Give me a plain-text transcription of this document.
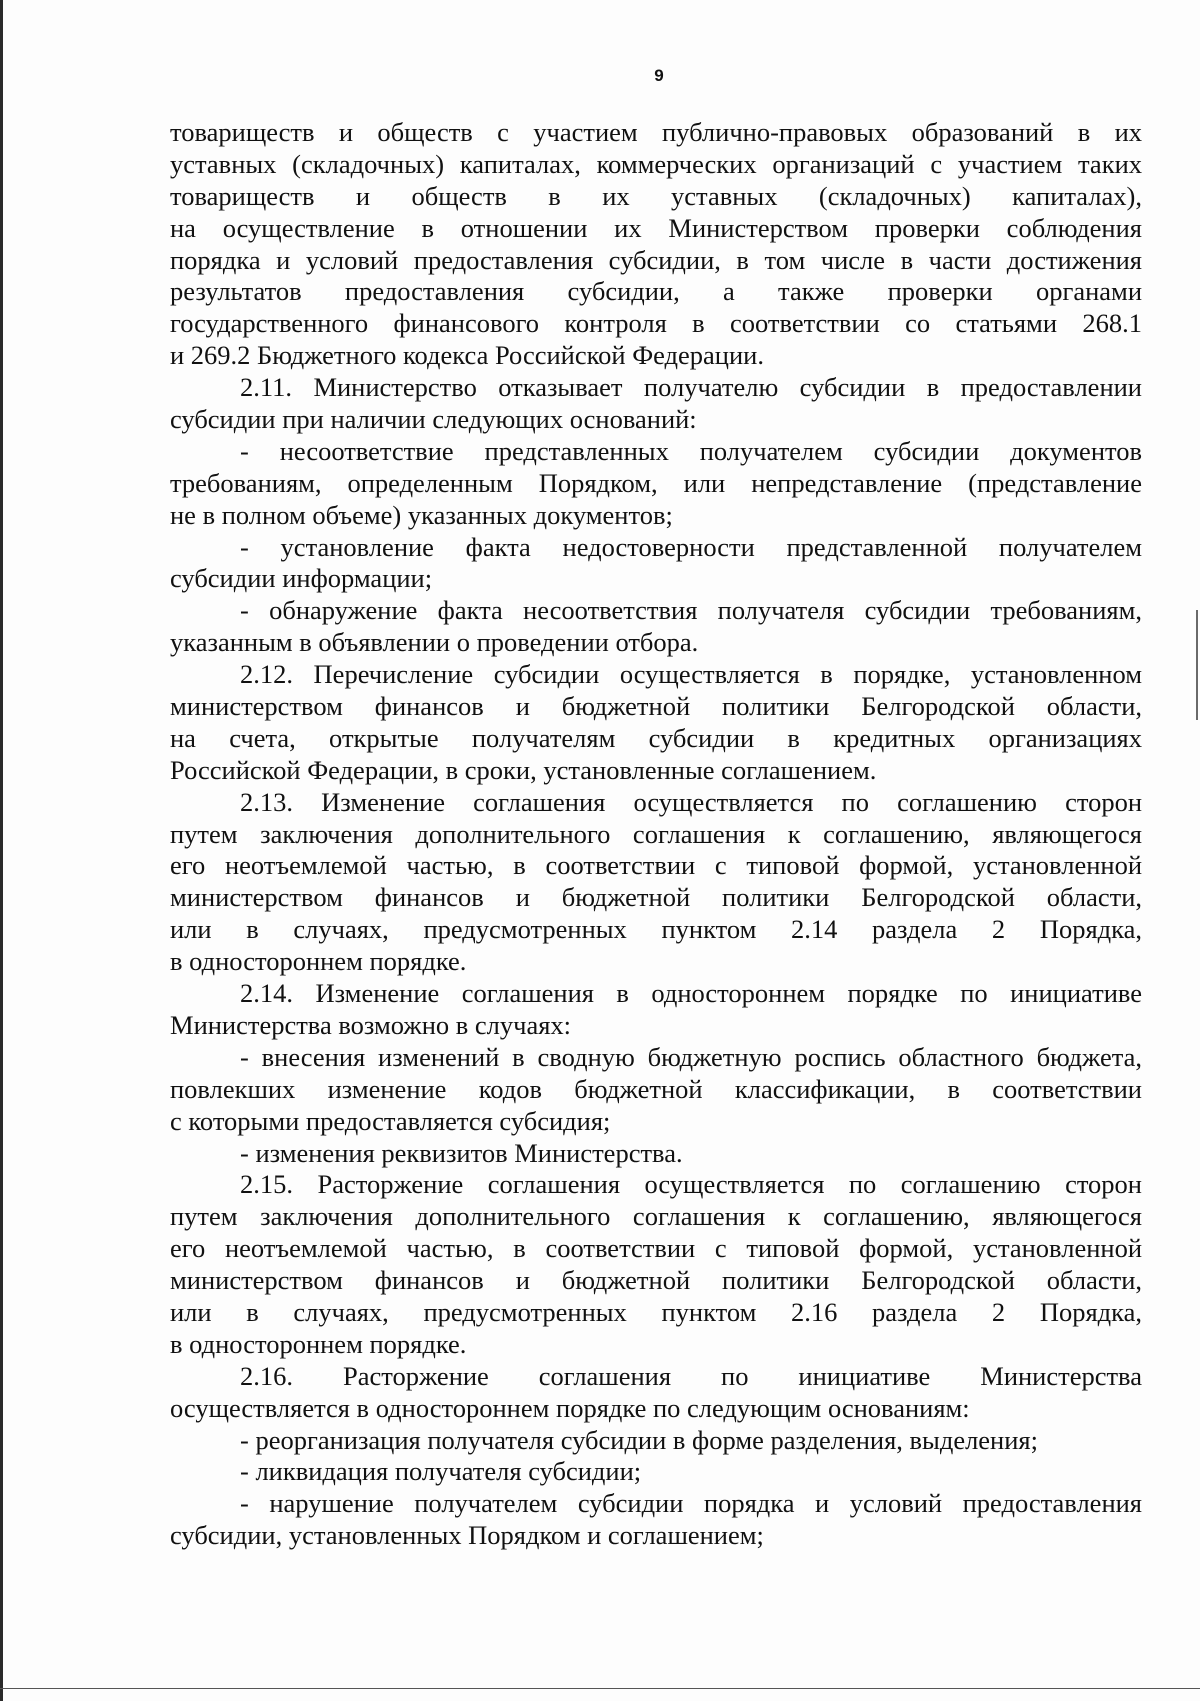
9
товариществ и обществ с участием публично-правовых образований в их
уставных (складочных) капиталах, коммерческих организаций с участием таких
товариществ и обществ в их уставных (складочных) капиталах),
на осуществление в отношении их Министерством проверки соблюдения
порядка и условий предоставления субсидии, в том числе в части достижения
результатов предоставления субсидии, а также проверки органами
государственного финансового контроля в соответствии со статьями 268.1
и 269.2 Бюджетного кодекса Российской Федерации.
2.11. Министерство отказывает получателю субсидии в предоставлении
субсидии при наличии следующих оснований:
- несоответствие представленных получателем субсидии документов
требованиям, определенным Порядком, или непредставление (представление
не в полном объеме) указанных документов;
- установление факта недостоверности представленной получателем
субсидии информации;
- обнаружение факта несоответствия получателя субсидии требованиям,
указанным в объявлении о проведении отбора.
2.12. Перечисление субсидии осуществляется в порядке, установленном
министерством финансов и бюджетной политики Белгородской области,
на счета, открытые получателям субсидии в кредитных организациях
Российской Федерации, в сроки, установленные соглашением.
2.13. Изменение соглашения осуществляется по соглашению сторон
путем заключения дополнительного соглашения к соглашению, являющегося
его неотъемлемой частью, в соответствии с типовой формой, установленной
министерством финансов и бюджетной политики Белгородской области,
или в случаях, предусмотренных пунктом 2.14 раздела 2 Порядка,
в одностороннем порядке.
2.14. Изменение соглашения в одностороннем порядке по инициативе
Министерства возможно в случаях:
- внесения изменений в сводную бюджетную роспись областного бюджета,
повлекших изменение кодов бюджетной классификации, в соответствии
с которыми предоставляется субсидия;
- изменения реквизитов Министерства.
2.15. Расторжение соглашения осуществляется по соглашению сторон
путем заключения дополнительного соглашения к соглашению, являющегося
его неотъемлемой частью, в соответствии с типовой формой, установленной
министерством финансов и бюджетной политики Белгородской области,
или в случаях, предусмотренных пунктом 2.16 раздела 2 Порядка,
в одностороннем порядке.
2.16. Расторжение соглашения по инициативе Министерства
осуществляется в одностороннем порядке по следующим основаниям:
- реорганизация получателя субсидии в форме разделения, выделения;
- ликвидация получателя субсидии;
- нарушение получателем субсидии порядка и условий предоставления
субсидии, установленных Порядком и соглашением;
